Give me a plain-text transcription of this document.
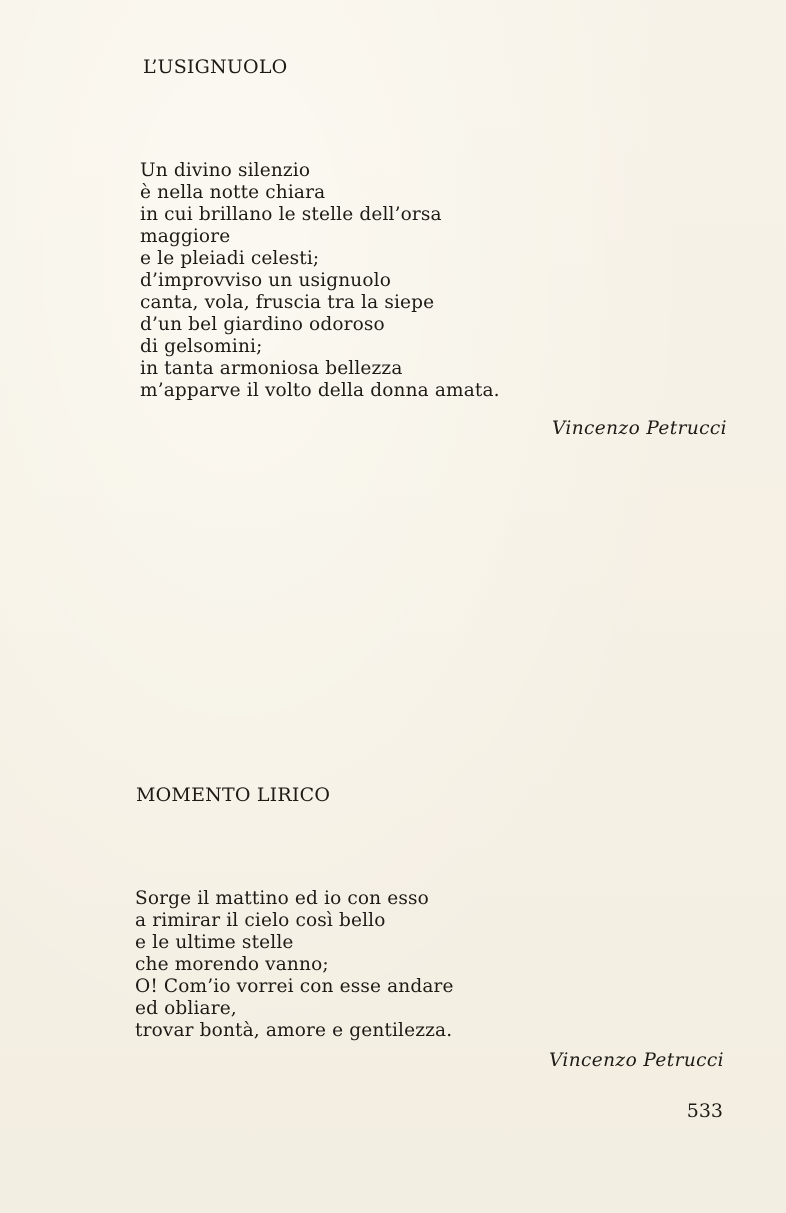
L’USIGNUOLO
Un divino silenzio
è nella notte chiara
in cui brillano le stelle dell’orsa
maggiore
e le pleiadi celesti;
d’improvviso un usignuolo
canta, vola, fruscia tra la siepe
d’un bel giardino odoroso
di gelsomini;
in tanta armoniosa bellezza
m’apparve il volto della donna amata.
Vincenzo Petrucci
MOMENTO LIRICO
Sorge il mattino ed io con esso
a rimirar il cielo così bello
e le ultime stelle
che morendo vanno;
O! Com’io vorrei con esse andare
ed obliare,
trovar bontà, amore e gentilezza.
Vincenzo Petrucci
533
